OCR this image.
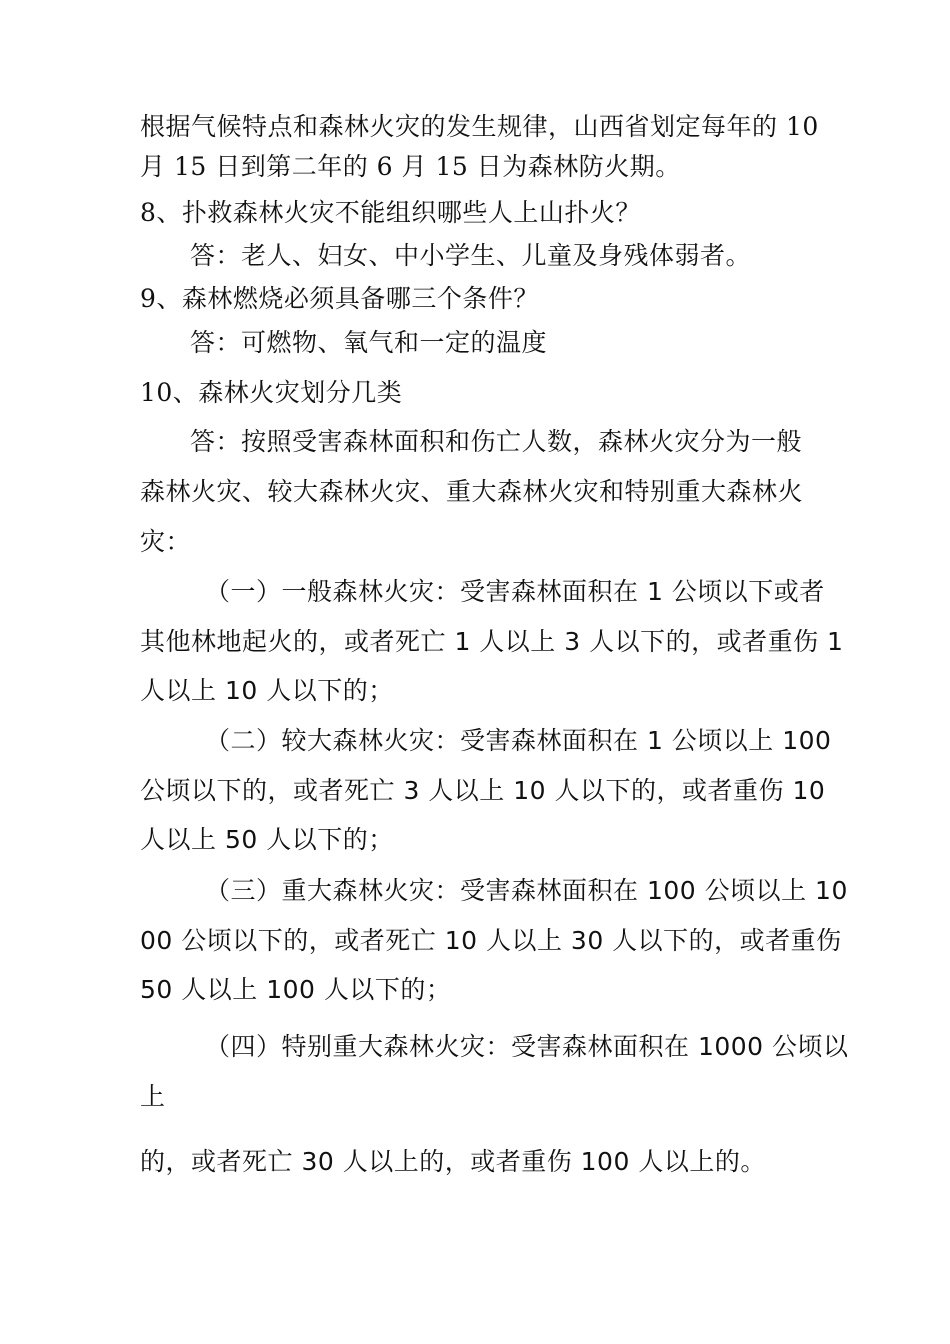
根据气候特点和森林火灾的发生规律，山西省划定每年的 10
月 15 日到第二年的 6 月 15 日为森林防火期。
8、扑救森林火灾不能组织哪些人上山扑火？
答：老人、妇女、中小学生、儿童及身残体弱者。
9、森林燃烧必须具备哪三个条件？
答：可燃物、氧气和一定的温度
10、森林火灾划分几类
答：按照受害森林面积和伤亡人数，森林火灾分为一般
森林火灾、较大森林火灾、重大森林火灾和特别重大森林火
灾：
（一）一般森林火灾：受害森林面积在 1 公顷以下或者
其他林地起火的，或者死亡 1 人以上 3 人以下的，或者重伤 1
人以上 10 人以下的；
（二）较大森林火灾：受害森林面积在 1 公顷以上 100
公顷以下的，或者死亡 3 人以上 10 人以下的，或者重伤 10
人以上 50 人以下的；
（三）重大森林火灾：受害森林面积在 100 公顷以上 10
00 公顷以下的，或者死亡 10 人以上 30 人以下的，或者重伤
50 人以上 100 人以下的；
（四）特别重大森林火灾：受害森林面积在 1000 公顷以
上
的，或者死亡 30 人以上的，或者重伤 100 人以上的。
